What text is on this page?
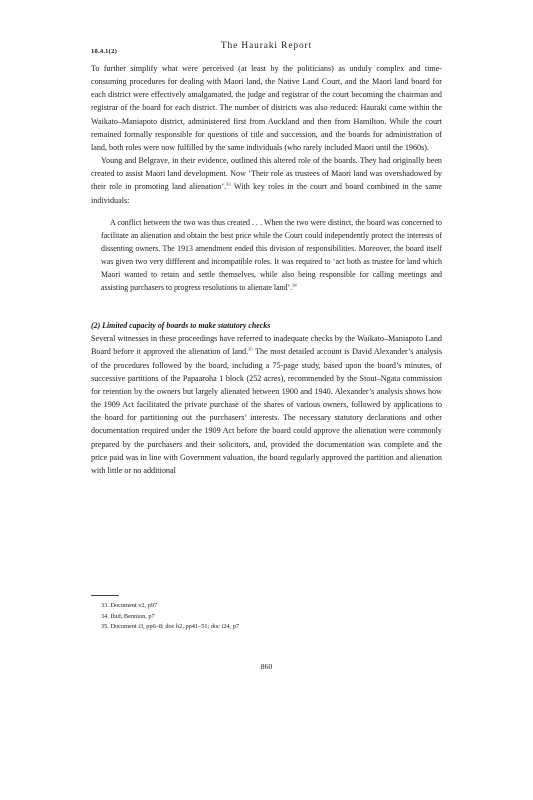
The Hauraki Report
18.4.1(2)

To further simplify what were perceived (at least by the politicians) as unduly complex and time-consuming procedures for dealing with Maori land, the Native Land Court, and the Maori land board for each district were effectively amalgamated, the judge and registrar of the court becoming the chairman and registrar of the board for each district. The number of districts was also reduced: Hauraki came within the Waikato–Maniapoto district, administered first from Auckland and then from Hamilton. While the court remained formally responsible for questions of title and succession, and the boards for administration of land, both roles were now fulfilled by the same individuals (who rarely included Maori until the 1960s).

Young and Belgrave, in their evidence, outlined this altered role of the boards. They had originally been created to assist Maori land development. Now ‘Their role as trustees of Maori land was overshadowed by their role in promoting land alienation’.$^{33}$ With key roles in the court and board combined in the same individuals:

A conflict between the two was thus created . . . When the two were distinct, the board was concerned to facilitate an alienation and obtain the best price while the Court could independently protect the interests of dissenting owners. The 1913 amendment ended this division of responsibilities. Moreover, the board itself was given two very diffferent and incompatible roles. It was required to ‘act both as trustee for land which Maori wanted to retain and settle themselves, while also being responsible for calling meetings and assisting purchasers to progress resolutions to alienate land’.$^{34}$

(2) Limited capacity of boards to make statutory checks

Several witnesses in these proceedings have referred to inadequate checks by the Waikato–Maniapoto Land Board before it approved the alienation of land.$^{35}$ The most detailed account is David Alexander’s analysis of the procedures followed by the board, including a 75-page study, based upon the board’s minutes, of successive partitions of the Papaaroha 1 block (252 acres), recommended by the Stout–Ngata commission for retention by the owners but largely alienated between 1900 and 1940. Alexander’s analysis shows how the 1909 Act facilitated the private purchase of the shares of various owners, followed by applications to the board for partitioning out the purchasers’ interests. The necessary statutory declarations and other documentation required under the 1909 Act before the board could approve the alienation were commonly prepared by the purchasers and their solicitors, and, provided the documentation was complete and the price paid was in line with Government valuation, the board regularly approved the partition and alienation with little or no additional

33. Document v2, p97
34. Ibid; Bennion, p7
35. Document i3, pp6–8; doc h2, pp41–51; doc i24, p7
860
